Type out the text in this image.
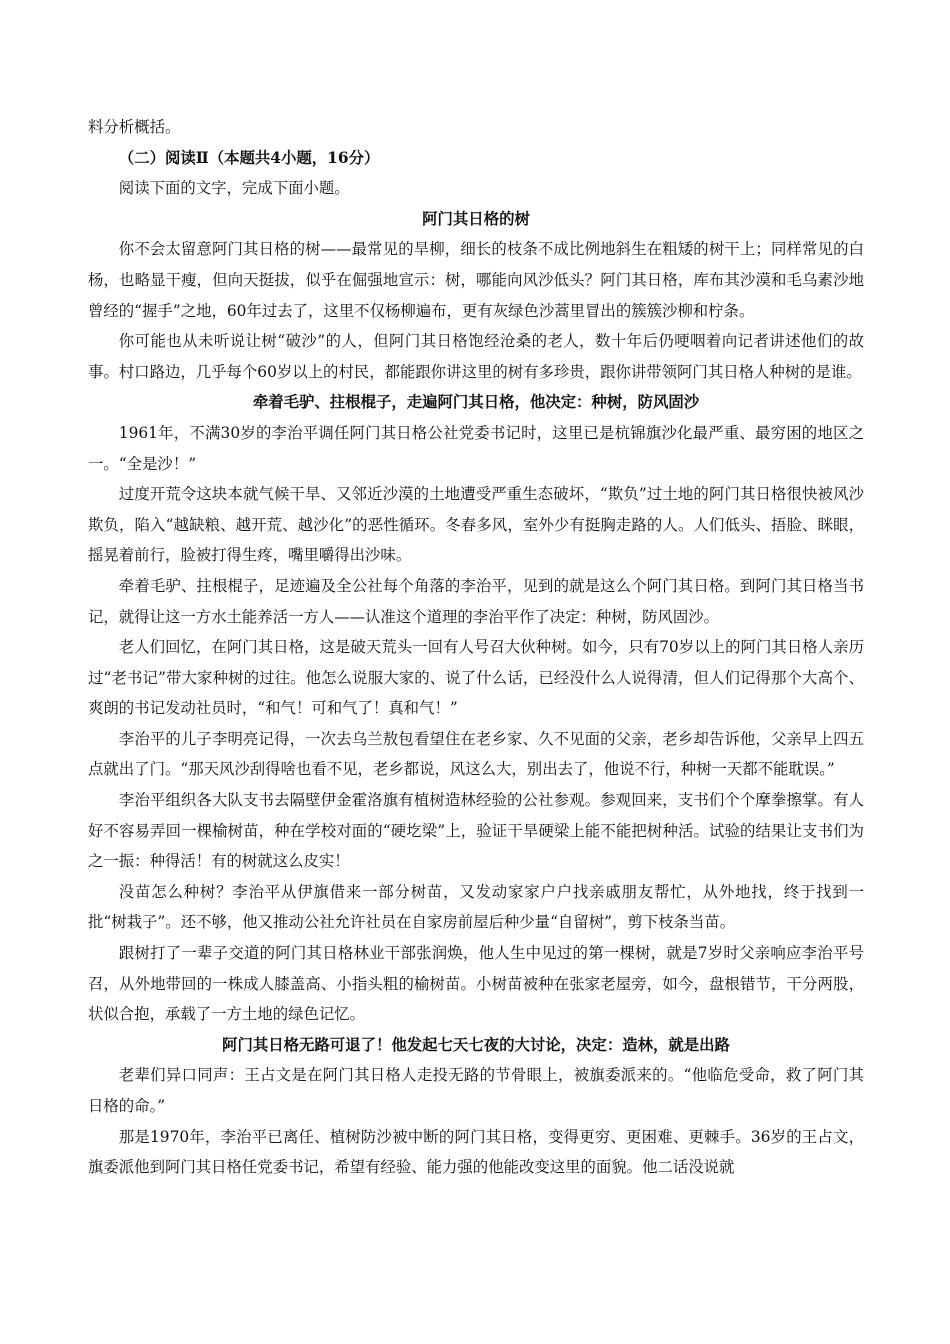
料分析概括。

（二）阅读Ⅱ（本题共4小题，16分）

阅读下面的文字，完成下面小题。

阿门其日格的树

你不会太留意阿门其日格的树——最常见的旱柳，细长的枝条不成比例地斜生在粗矮的树干上；同样常见的白杨，也略显干瘦，但向天挺拔，似乎在倔强地宣示：树，哪能向风沙低头？阿门其日格，库布其沙漠和毛乌素沙地曾经的“握手”之地，60年过去了，这里不仅杨柳遍布，更有灰绿色沙蒿里冒出的簇簇沙柳和柠条。

你可能也从未听说让树“破沙”的人，但阿门其日格饱经沧桑的老人，数十年后仍哽咽着向记者讲述他们的故事。村口路边，几乎每个60岁以上的村民，都能跟你讲这里的树有多珍贵，跟你讲带领阿门其日格人种树的是谁。

牵着毛驴、拄根棍子，走遍阿门其日格，他决定：种树，防风固沙

1961年，不满30岁的李治平调任阿门其日格公社党委书记时，这里已是杭锦旗沙化最严重、最穷困的地区之一。“全是沙！”

过度开荒令这块本就气候干旱、又邻近沙漠的土地遭受严重生态破坏，“欺负”过土地的阿门其日格很快被风沙欺负，陷入“越缺粮、越开荒、越沙化”的恶性循环。冬春多风，室外少有挺胸走路的人。人们低头、捂脸、眯眼，摇晃着前行，脸被打得生疼，嘴里嚼得出沙味。

牵着毛驴、拄根棍子，足迹遍及全公社每个角落的李治平，见到的就是这么个阿门其日格。到阿门其日格当书记，就得让这一方水土能养活一方人——认准这个道理的李治平作了决定：种树，防风固沙。

老人们回忆，在阿门其日格，这是破天荒头一回有人号召大伙种树。如今，只有70岁以上的阿门其日格人亲历过“老书记”带大家种树的过往。他怎么说服大家的、说了什么话，已经没什么人说得清，但人们记得那个大高个、爽朗的书记发动社员时，“和气！可和气了！真和气！”

李治平的儿子李明亮记得，一次去乌兰敖包看望住在老乡家、久不见面的父亲，老乡却告诉他，父亲早上四五点就出了门。“那天风沙刮得啥也看不见，老乡都说，风这么大，别出去了，他说不行，种树一天都不能耽误。”

李治平组织各大队支书去隔壁伊金霍洛旗有植树造林经验的公社参观。参观回来，支书们个个摩拳擦掌。有人好不容易弄回一棵榆树苗，种在学校对面的“硬圪梁”上，验证干旱硬梁上能不能把树种活。试验的结果让支书们为之一振：种得活！有的树就这么皮实！

没苗怎么种树？李治平从伊旗借来一部分树苗，又发动家家户户找亲戚朋友帮忙，从外地找，终于找到一批“树栽子”。还不够，他又推动公社允许社员在自家房前屋后种少量“自留树”，剪下枝条当苗。

跟树打了一辈子交道的阿门其日格林业干部张润焕，他人生中见过的第一棵树，就是7岁时父亲响应李治平号召，从外地带回的一株成人膝盖高、小指头粗的榆树苗。小树苗被种在张家老屋旁，如今，盘根错节，干分两股，状似合抱，承载了一方土地的绿色记忆。

阿门其日格无路可退了！他发起七天七夜的大讨论，决定：造林，就是出路

老辈们异口同声：王占文是在阿门其日格人走投无路的节骨眼上，被旗委派来的。“他临危受命，救了阿门其日格的命。”

那是1970年，李治平已离任、植树防沙被中断的阿门其日格，变得更穷、更困难、更棘手。36岁的王占文，旗委派他到阿门其日格任党委书记，希望有经验、能力强的他能改变这里的面貌。他二话没说就
